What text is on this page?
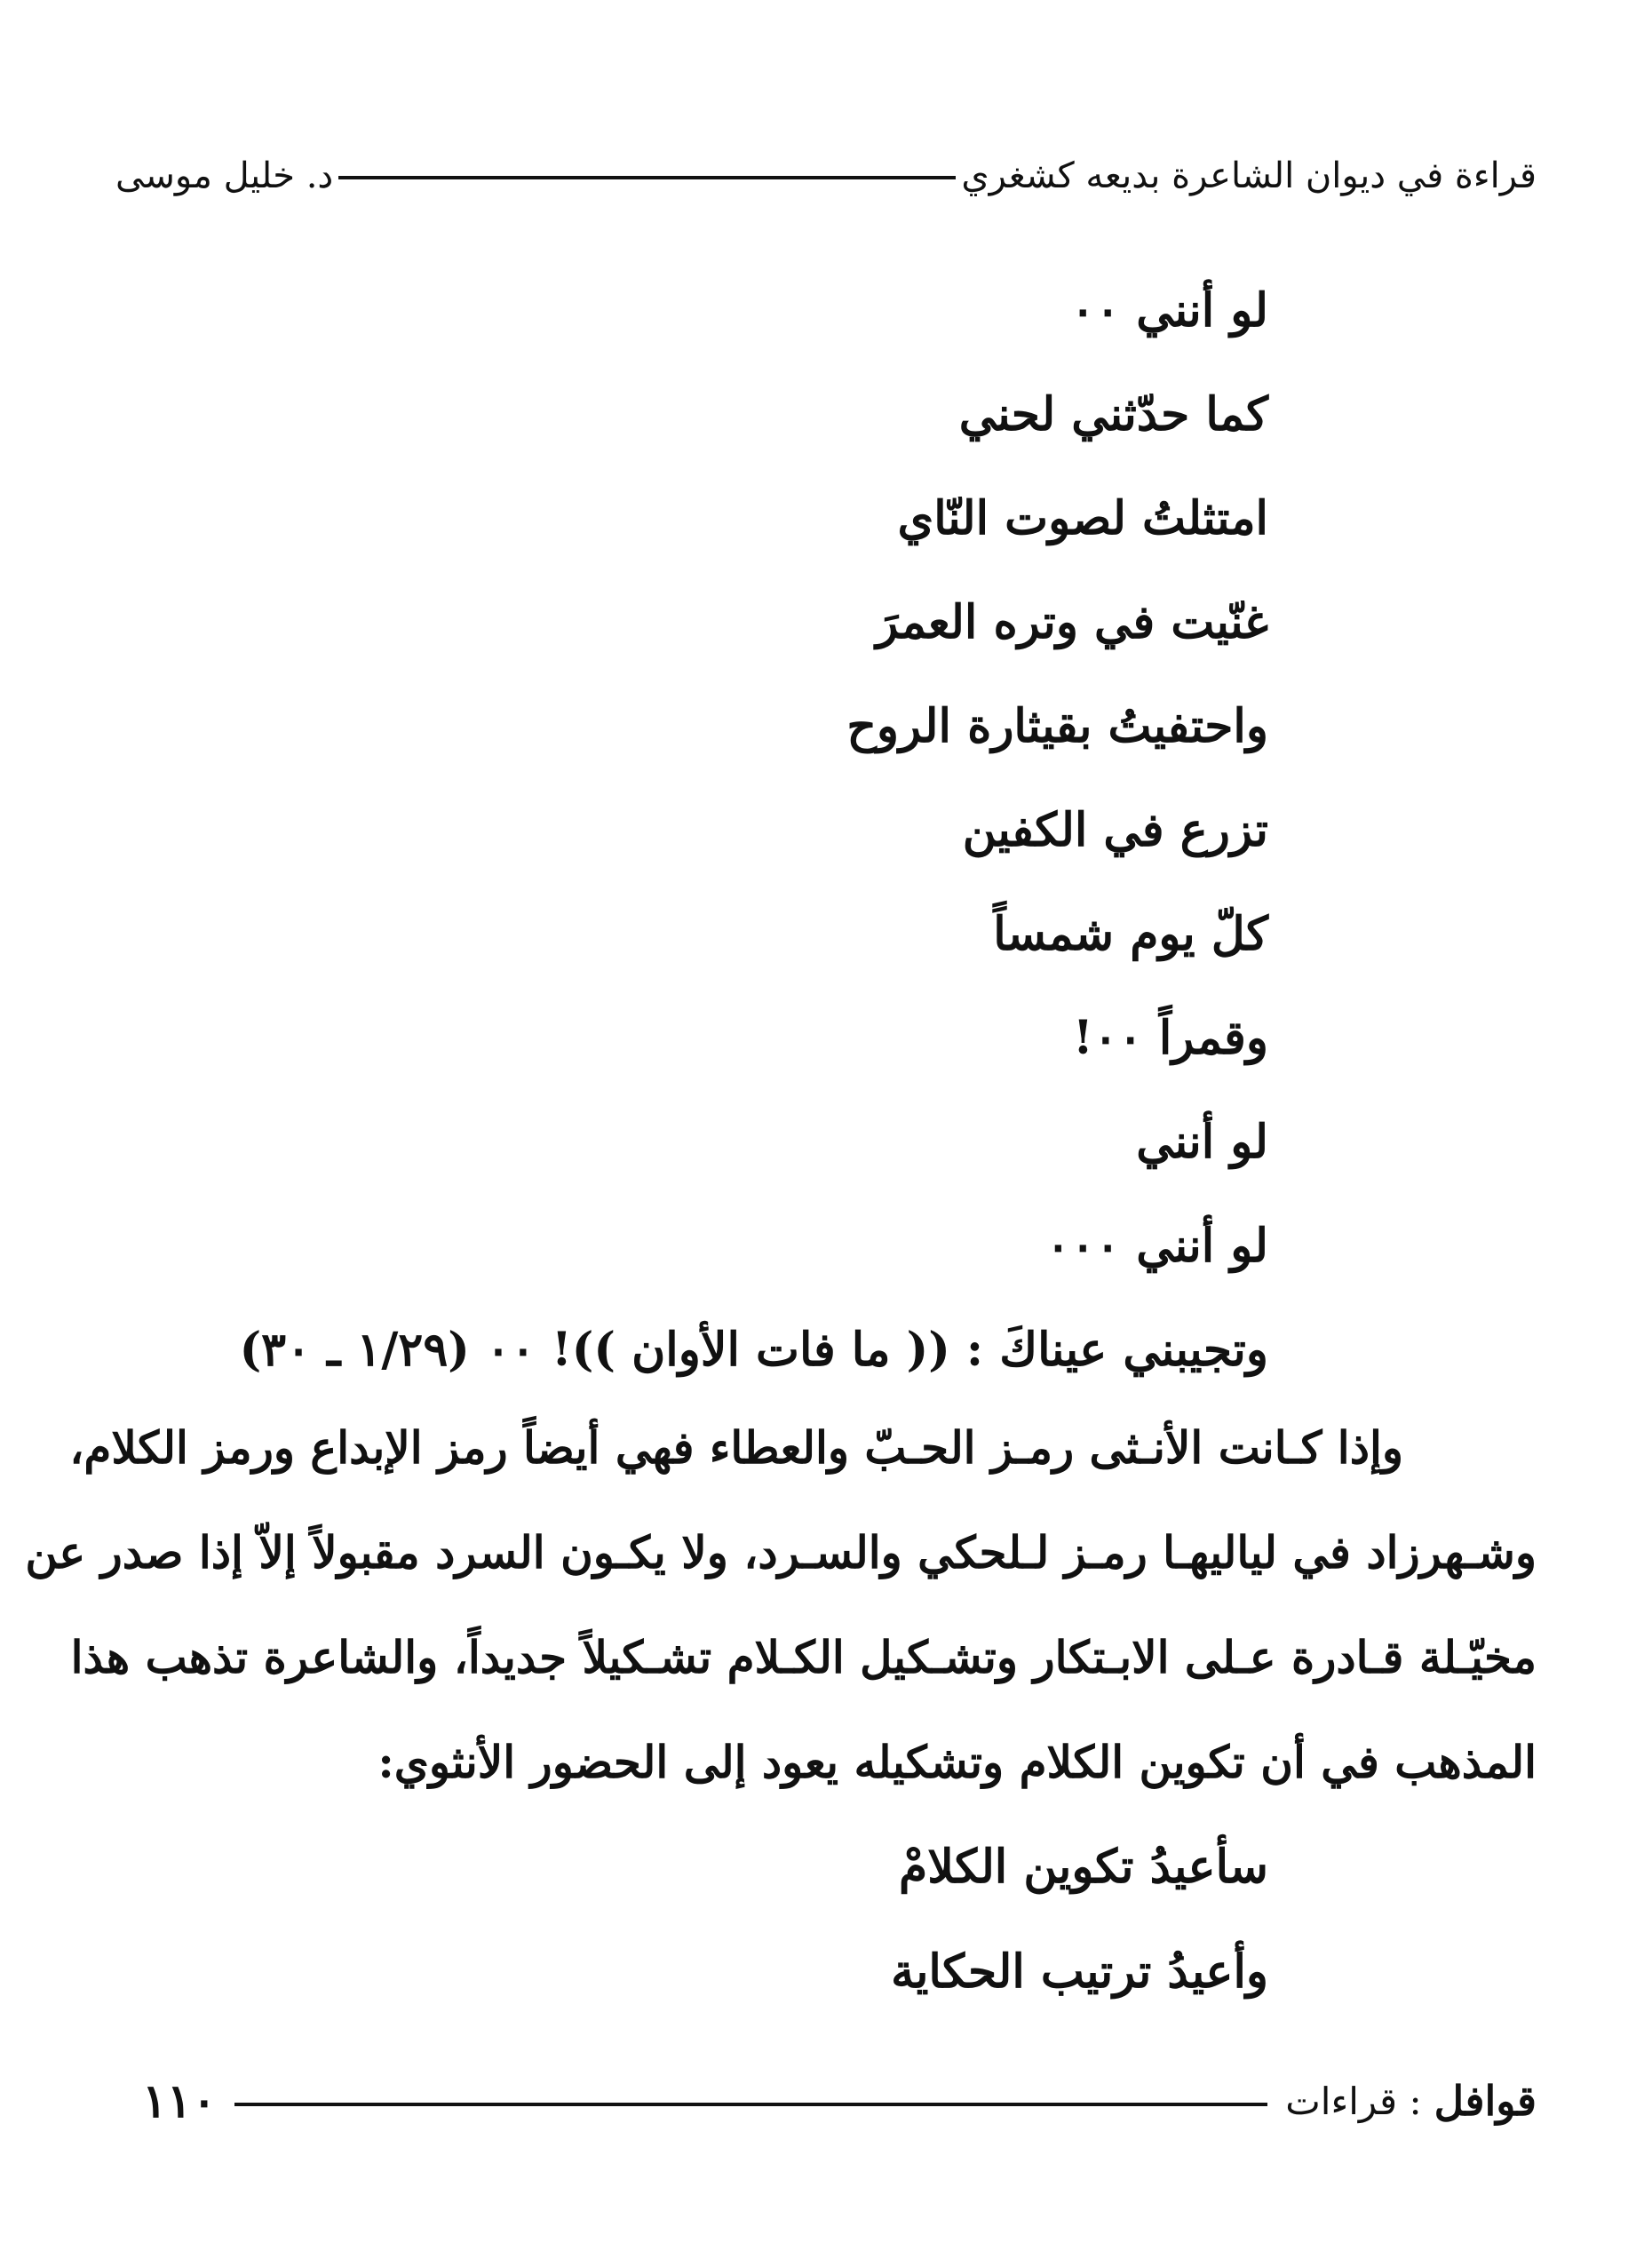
قراءة في ديوان الشاعرة بديعه كشغري
د. خليل موسى
لو أنني ٠٠
كما حدّثني لحني
امتثلتُ لصوت النّاي
غنّيت في وتره العمرَ
واحتفيتُ بقيثارة الروح
تزرع في الكفين
كلّ يوم شمساً
وقمراً ٠٠!
لو أنني
لو أنني ٠٠٠
وتجيبني عيناكَ : (( ما فات الأوان ))! ٠٠ (١/٢٩ ـ ٣٠)
وإذا كـانت الأنـثى رمـز الحـبّ والعطاء فهي أيضاً رمز الإبداع ورمز الكلام،
وشـهرزاد في لياليهـا رمـز لـلحكي والسـرد، ولا يكـون السرد مقبولاً إلاّ إذا صدر عن
مخيّـلة قـادرة عـلى الابـتكار وتشـكيل الكـلام تشـكيلاً جديداً، والشاعرة تذهب هذا
المذهب في أن تكوين الكلام وتشكيله يعود إلى الحضور الأنثوي:
سأعيدُ تكوين الكلامْ
وأعيدُ ترتيب الحكاية
قوافل
: قراءات
١١٠
